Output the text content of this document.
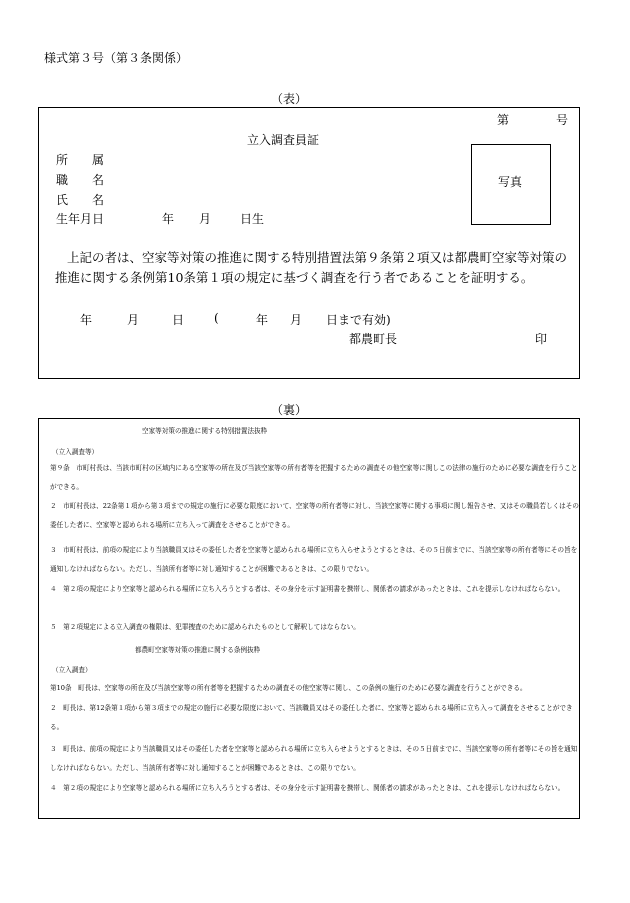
様式第３号（第３条関係）
（表）
第	号
立入調査員証
所　　属
職　　名
氏　　名
生年月日	年 月 日生
写真
上記の者は、空家等対策の推進に関する特別措置法第９条第２項又は都農町空家等対策の推進に関する条例第10条第１項の規定に基づく調査を行う者であることを証明する。
年	月	日 (	年 月 日まで有効)
都農町長	印
（裏）
空家等対策の推進に関する特別措置法抜粋
（立入調査等）
第９条　市町村長は、当該市町村の区域内にある空家等の所在及び当該空家等の所有者等を把握するための調査その他空家等に関しこの法律の施行のために必要な調査を行うことができる。
２　市町村長は、22条第１項から第３項までの規定の施行に必要な限度において、空家等の所有者等に対し、当該空家等に関する事項に関し報告させ、又はその職員若しくはその委任した者に、空家等と認められる場所に立ち入って調査をさせることができる。
３　市町村長は、前項の規定により当該職員又はその委任した者を空家等と認められる場所に立ち入らせようとするときは、その５日前までに、当該空家等の所有者等にその旨を通知しなければならない。ただし、当該所有者等に対し通知することが困難であるときは、この限りでない。
４　第２項の規定により空家等と認められる場所に立ち入ろうとする者は、その身分を示す証明書を携帯し、関係者の請求があったときは、これを提示しなければならない。
５　第２項規定による立入調査の権限は、犯罪捜査のために認められたものとして解釈してはならない。
都農町空家等対策の推進に関する条例抜粋
（立入調査）
第10条　町長は、空家等の所在及び当該空家等の所有者等を把握するための調査その他空家等に関し、この条例の施行のために必要な調査を行うことができる。
２　町長は、第12条第１項から第３項までの規定の施行に必要な限度において、当該職員又はその委任した者に、空家等と認められる場所に立ち入って調査をさせることができる。
３　町長は、前項の規定により当該職員又はその委任した者を空家等と認められる場所に立ち入らせようとするときは、その５日前までに、当該空家等の所有者等にその旨を通知しなければならない。ただし、当該所有者等に対し通知することが困難であるときは、この限りでない。
４　第２項の規定により空家等と認められる場所に立ち入ろうとする者は、その身分を示す証明書を携帯し、関係者の請求があったときは、これを提示しなければならない。
